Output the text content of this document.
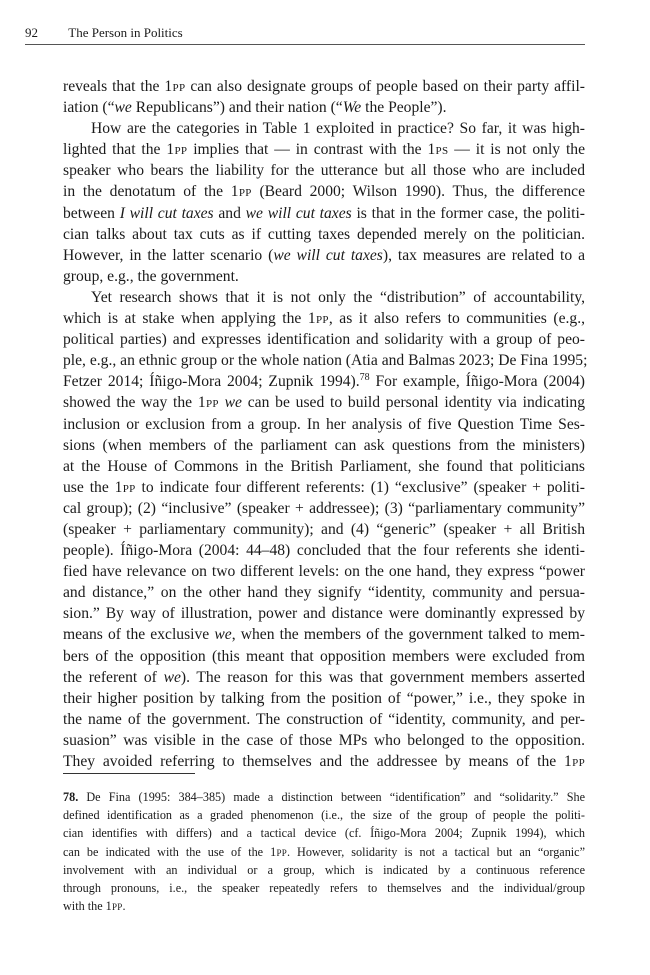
92 The Person in Politics
reveals that the 1pp can also designate groups of people based on their party affil-
iation (“we Republicans”) and their nation (“We the People”).
How are the categories in Table 1 exploited in practice? So far, it was high-
lighted that the 1pp implies that — in contrast with the 1ps — it is not only the
speaker who bears the liability for the utterance but all those who are included
in the denotatum of the 1pp (Beard 2000; Wilson 1990). Thus, the difference
between I will cut taxes and we will cut taxes is that in the former case, the politi-
cian talks about tax cuts as if cutting taxes depended merely on the politician.
However, in the latter scenario (we will cut taxes), tax measures are related to a
group, e.g., the government.
Yet research shows that it is not only the “distribution” of accountability,
which is at stake when applying the 1pp, as it also refers to communities (e.g.,
political parties) and expresses identification and solidarity with a group of peo-
ple, e.g., an ethnic group or the whole nation (Atia and Balmas 2023; De Fina 1995;
Fetzer 2014; Íñigo-Mora 2004; Zupnik 1994).$^{78}$ For example, Íñigo-Mora (2004)
showed the way the 1pp we can be used to build personal identity via indicating
inclusion or exclusion from a group. In her analysis of five Question Time Ses-
sions (when members of the parliament can ask questions from the ministers)
at the House of Commons in the British Parliament, she found that politicians
use the 1pp to indicate four different referents: (1) “exclusive” (speaker + politi-
cal group); (2) “inclusive” (speaker + addressee); (3) “parliamentary community”
(speaker + parliamentary community); and (4) “generic” (speaker + all British
people). Íñigo-Mora (2004: 44–48) concluded that the four referents she identi-
fied have relevance on two different levels: on the one hand, they express “power
and distance,” on the other hand they signify “identity, community and persua-
sion.” By way of illustration, power and distance were dominantly expressed by
means of the exclusive we, when the members of the government talked to mem-
bers of the opposition (this meant that opposition members were excluded from
the referent of we). The reason for this was that government members asserted
their higher position by talking from the position of “power,” i.e., they spoke in
the name of the government. The construction of “identity, community, and per-
suasion” was visible in the case of those MPs who belonged to the opposition.
They avoided referring to themselves and the addressee by means of the 1pp
78. De Fina (1995: 384–385) made a distinction between “identification” and “solidarity.” She
defined identification as a graded phenomenon (i.e., the size of the group of people the politi-
cian identifies with differs) and a tactical device (cf. Íñigo-Mora 2004; Zupnik 1994), which
can be indicated with the use of the 1pp. However, solidarity is not a tactical but an “organic”
involvement with an individual or a group, which is indicated by a continuous reference
through pronouns, i.e., the speaker repeatedly refers to themselves and the individual/group
with the 1pp.
